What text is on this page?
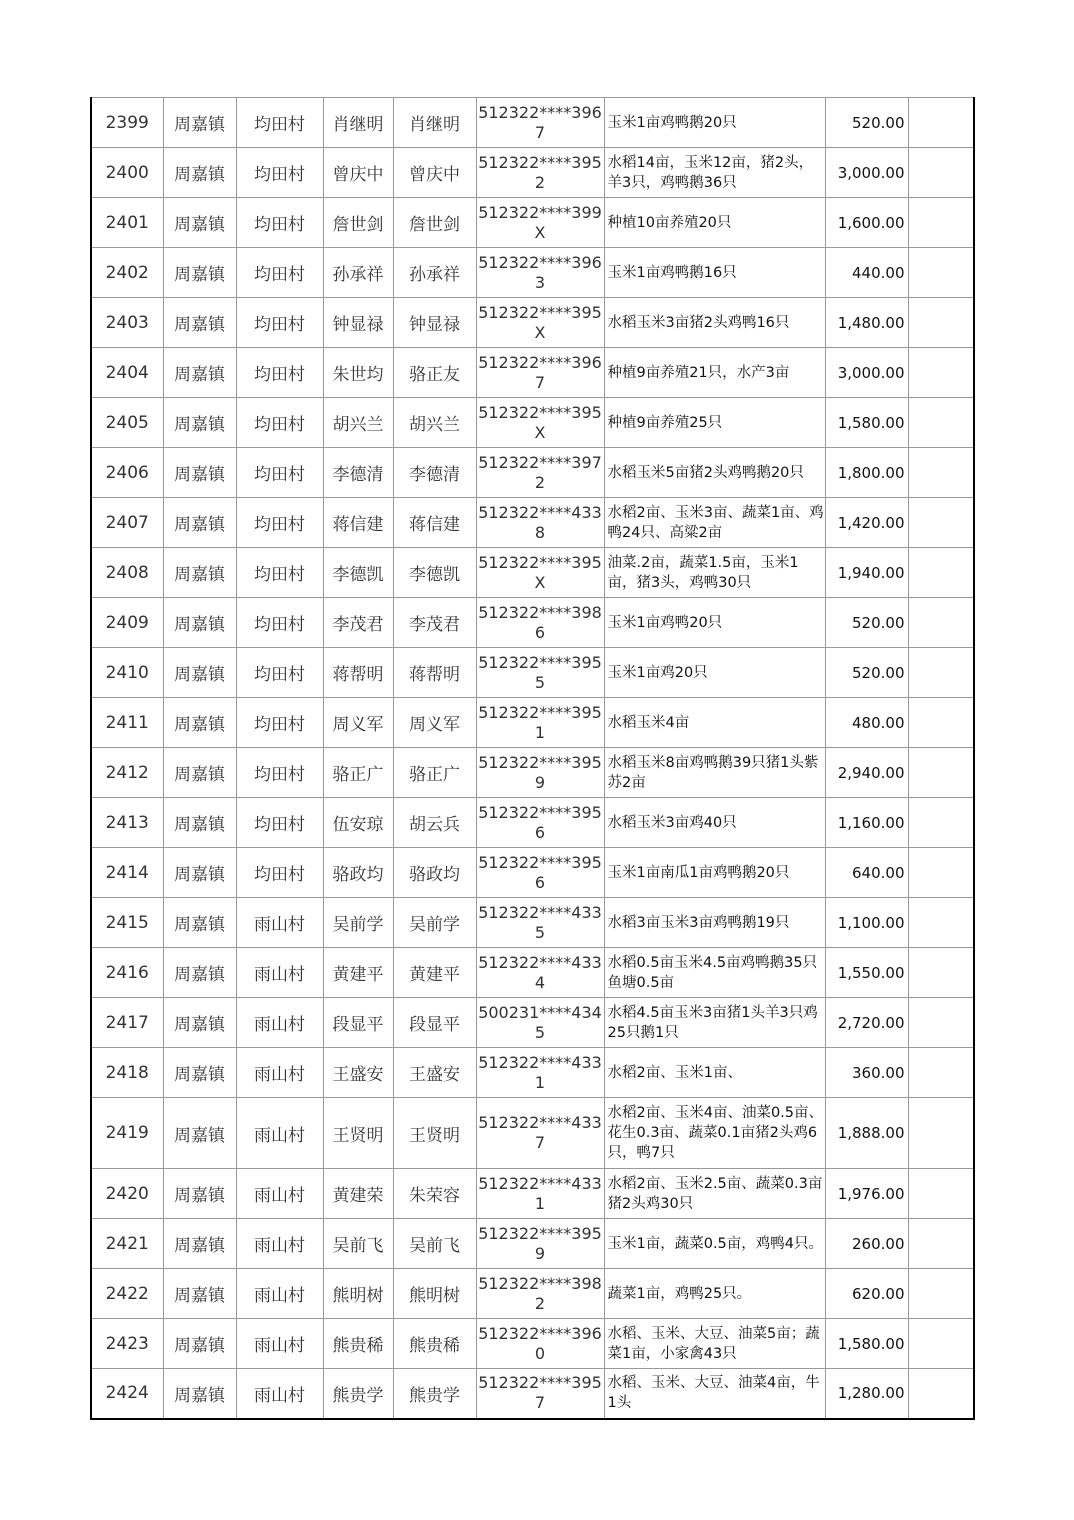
2399	周嘉镇	均田村	肖继明	肖继明	512322****3967	玉米1亩鸡鸭鹅20只	520.00	
2400	周嘉镇	均田村	曾庆中	曾庆中	512322****3952	水稻14亩，玉米12亩，猪2头，羊3只，鸡鸭鹅36只	3,000.00	
2401	周嘉镇	均田村	詹世剑	詹世剑	512322****399X	种植10亩养殖20只	1,600.00	
2402	周嘉镇	均田村	孙承祥	孙承祥	512322****3963	玉米1亩鸡鸭鹅16只	440.00	
2403	周嘉镇	均田村	钟显禄	钟显禄	512322****395X	水稻玉米3亩猪2头鸡鸭16只	1,480.00	
2404	周嘉镇	均田村	朱世均	骆正友	512322****3967	种植9亩养殖21只，水产3亩	3,000.00	
2405	周嘉镇	均田村	胡兴兰	胡兴兰	512322****395X	种植9亩养殖25只	1,580.00	
2406	周嘉镇	均田村	李德清	李德清	512322****3972	水稻玉米5亩猪2头鸡鸭鹅20只	1,800.00	
2407	周嘉镇	均田村	蒋信建	蒋信建	512322****4338	水稻2亩、玉米3亩、蔬菜1亩、鸡鸭24只、高粱2亩	1,420.00	
2408	周嘉镇	均田村	李德凯	李德凯	512322****395X	油菜.2亩，蔬菜1.5亩，玉米1亩，猪3头，鸡鸭30只	1,940.00	
2409	周嘉镇	均田村	李茂君	李茂君	512322****3986	玉米1亩鸡鸭20只	520.00	
2410	周嘉镇	均田村	蒋帮明	蒋帮明	512322****3955	玉米1亩鸡20只	520.00	
2411	周嘉镇	均田村	周义军	周义军	512322****3951	水稻玉米4亩	480.00	
2412	周嘉镇	均田村	骆正广	骆正广	512322****3959	水稻玉米8亩鸡鸭鹅39只猪1头紫苏2亩	2,940.00	
2413	周嘉镇	均田村	伍安琼	胡云兵	512322****3956	水稻玉米3亩鸡40只	1,160.00	
2414	周嘉镇	均田村	骆政均	骆政均	512322****3956	玉米1亩南瓜1亩鸡鸭鹅20只	640.00	
2415	周嘉镇	雨山村	吴前学	吴前学	512322****4335	水稻3亩玉米3亩鸡鸭鹅19只	1,100.00	
2416	周嘉镇	雨山村	黄建平	黄建平	512322****4334	水稻0.5亩玉米4.5亩鸡鸭鹅35只鱼塘0.5亩	1,550.00	
2417	周嘉镇	雨山村	段显平	段显平	500231****4345	水稻4.5亩玉米3亩猪1头羊3只鸡25只鹅1只	2,720.00	
2418	周嘉镇	雨山村	王盛安	王盛安	512322****4331	水稻2亩、玉米1亩、	360.00	
2419	周嘉镇	雨山村	王贤明	王贤明	512322****4337	水稻2亩、玉米4亩、油菜0.5亩、花生0.3亩、蔬菜0.1亩猪2头鸡6只，鸭7只	1,888.00	
2420	周嘉镇	雨山村	黄建荣	朱荣容	512322****4331	水稻2亩、玉米2.5亩、蔬菜0.3亩猪2头鸡30只	1,976.00	
2421	周嘉镇	雨山村	吴前飞	吴前飞	512322****3959	玉米1亩，蔬菜0.5亩，鸡鸭4只。	260.00	
2422	周嘉镇	雨山村	熊明树	熊明树	512322****3982	蔬菜1亩，鸡鸭25只。	620.00	
2423	周嘉镇	雨山村	熊贵稀	熊贵稀	512322****3960	水稻、玉米、大豆、油菜5亩；蔬菜1亩，小家禽43只	1,580.00	
2424	周嘉镇	雨山村	熊贵学	熊贵学	512322****3957	水稻、玉米、大豆、油菜4亩，牛1头	1,280.00	
